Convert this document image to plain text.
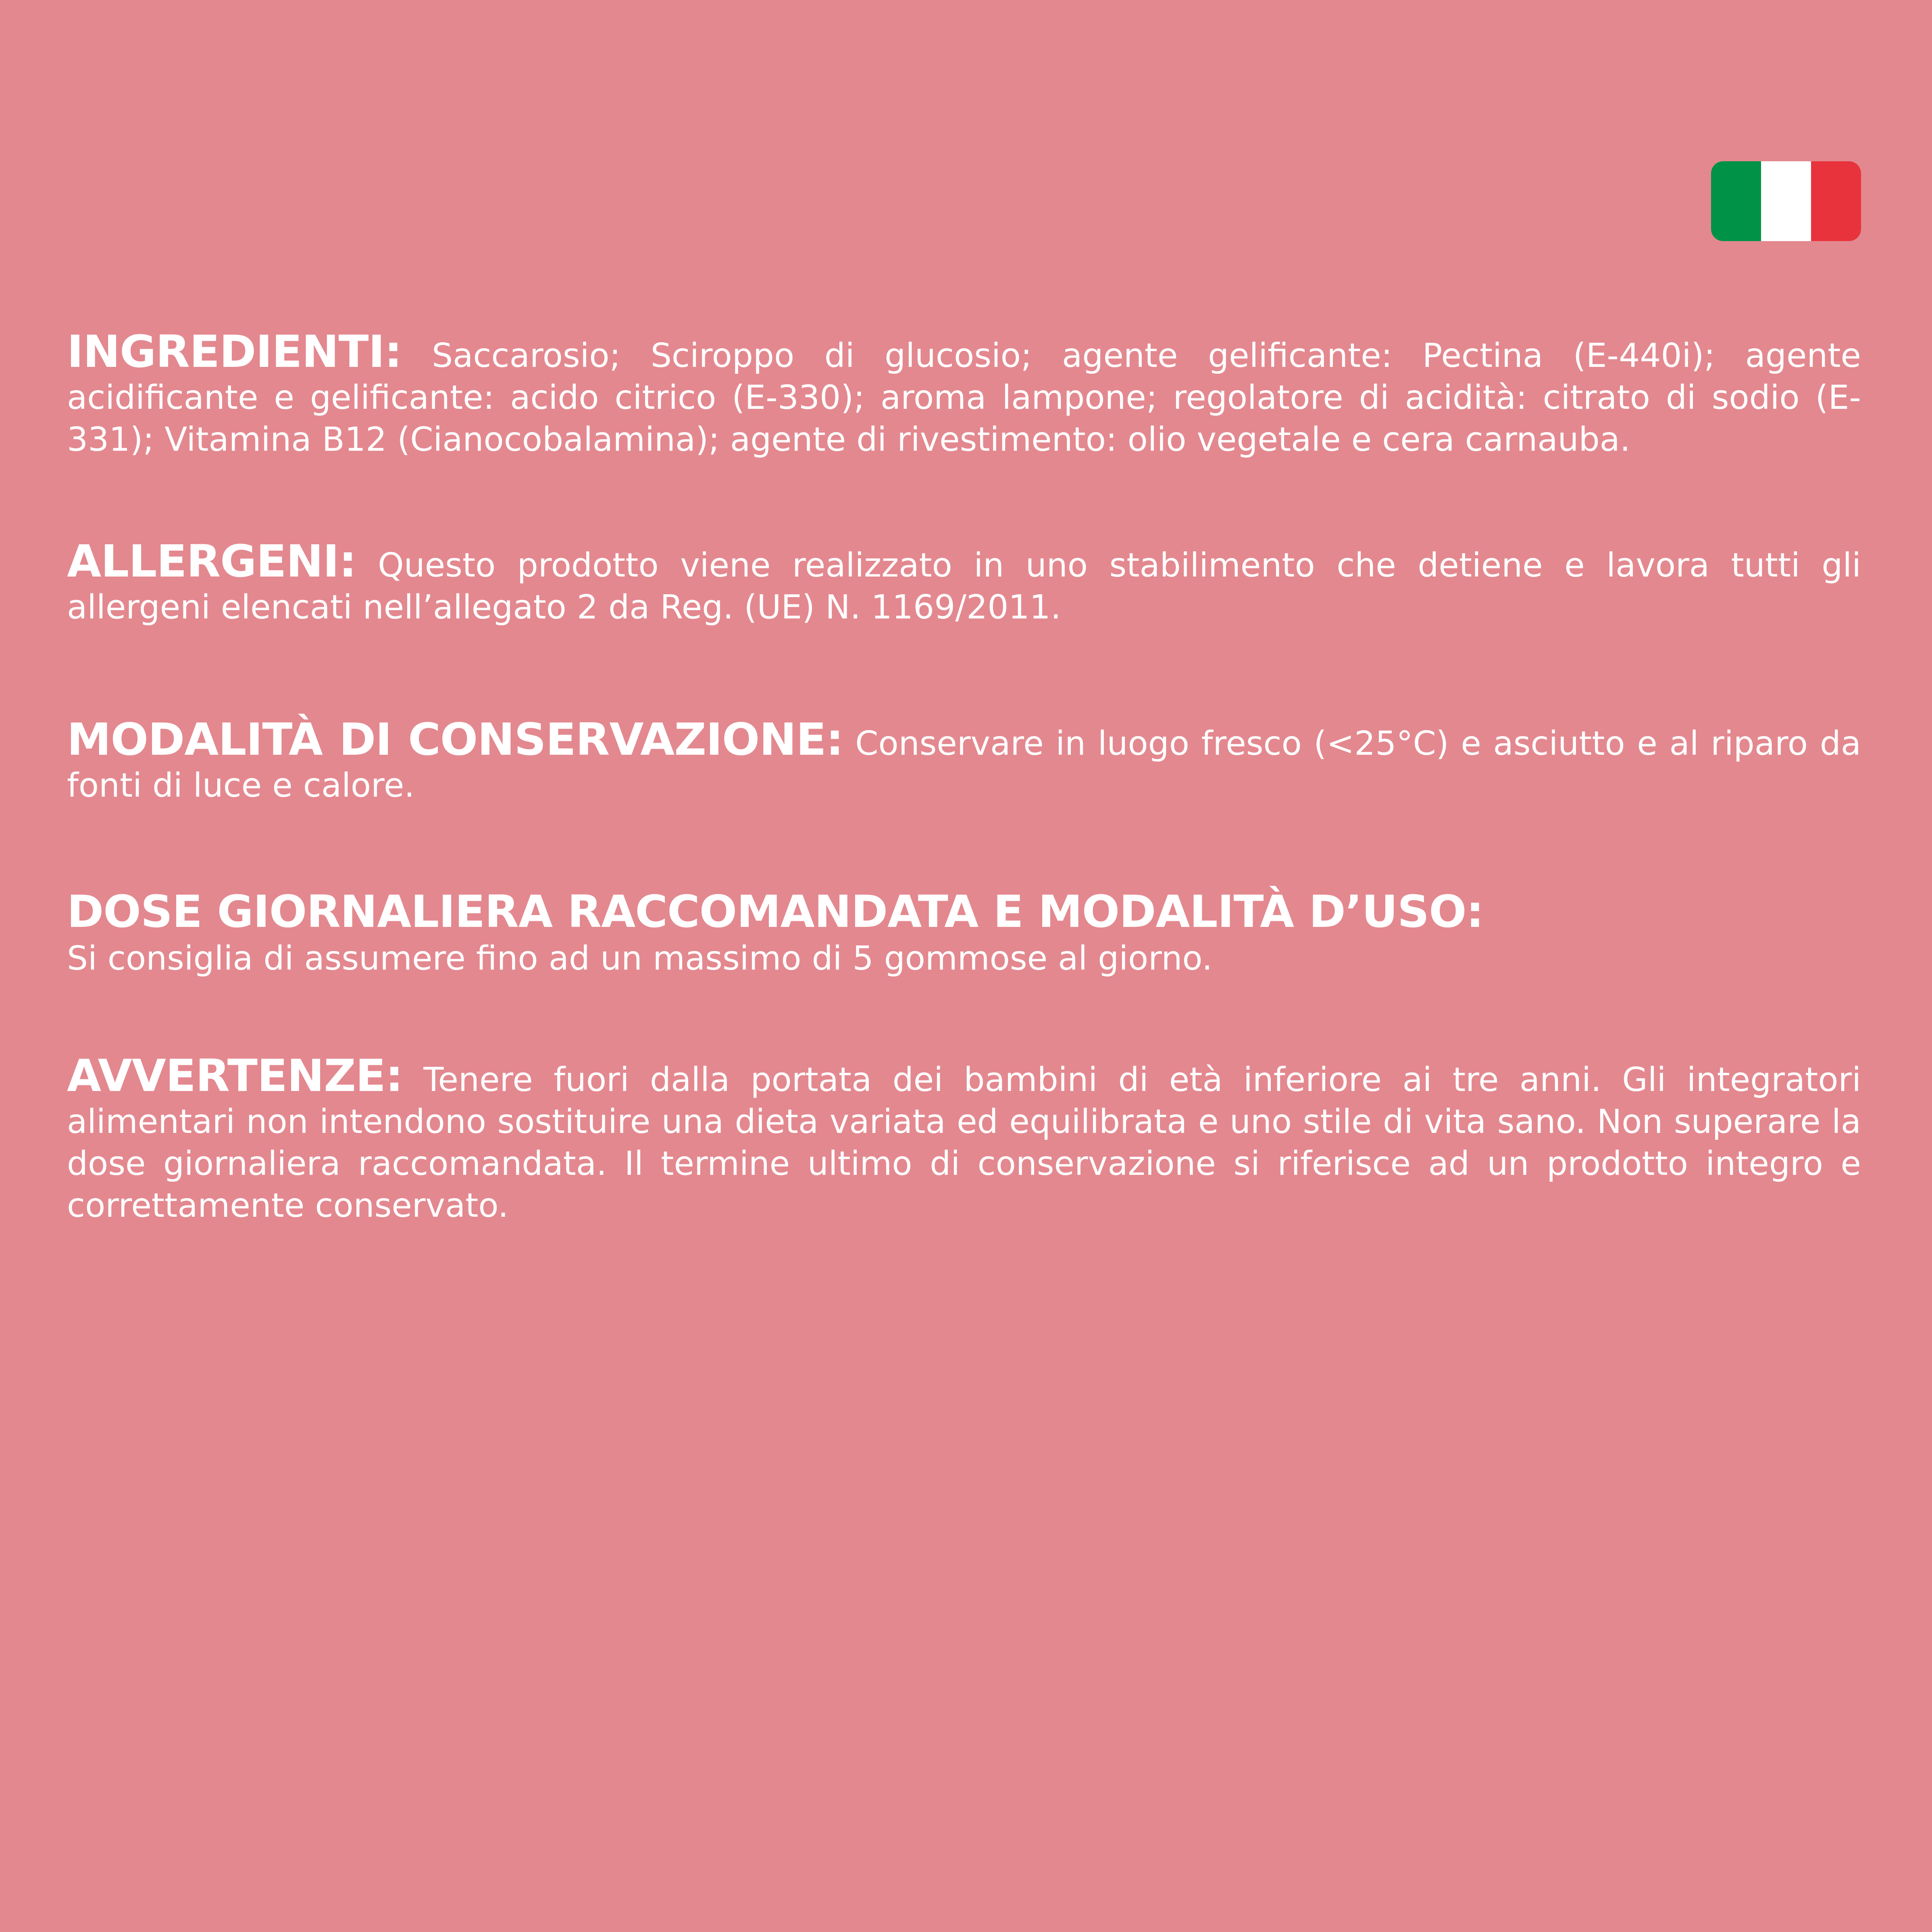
INGREDIENTI: Saccarosio; Sciroppo di glucosio; agente gelificante: Pectina (E-440i); agente acidificante e gelificante: acido citrico (E-330); aroma lampone; regolatore di acidità: citrato di sodio (E-331); Vitamina B12 (Cianocobalamina); agente di rivestimento: olio vegetale e cera carnauba.

ALLERGENI: Questo prodotto viene realizzato in uno stabilimento che detiene e lavora tutti gli allergeni elencati nell’allegato 2 da Reg. (UE) N. 1169/2011.

MODALITÀ DI CONSERVAZIONE: Conservare in luogo fresco (<25°C) e asciutto e al riparo da fonti di luce e calore.

DOSE GIORNALIERA RACCOMANDATA E MODALITÀ D’USO:
Si consiglia di assumere fino ad un massimo di 5 gommose al giorno.

AVVERTENZE: Tenere fuori dalla portata dei bambini di età inferiore ai tre anni. Gli integratori alimentari non intendono sostituire una dieta variata ed equilibrata e uno stile di vita sano. Non superare la dose giornaliera raccomandata. Il termine ultimo di conservazione si riferisce ad un prodotto integro e correttamente conservato.
